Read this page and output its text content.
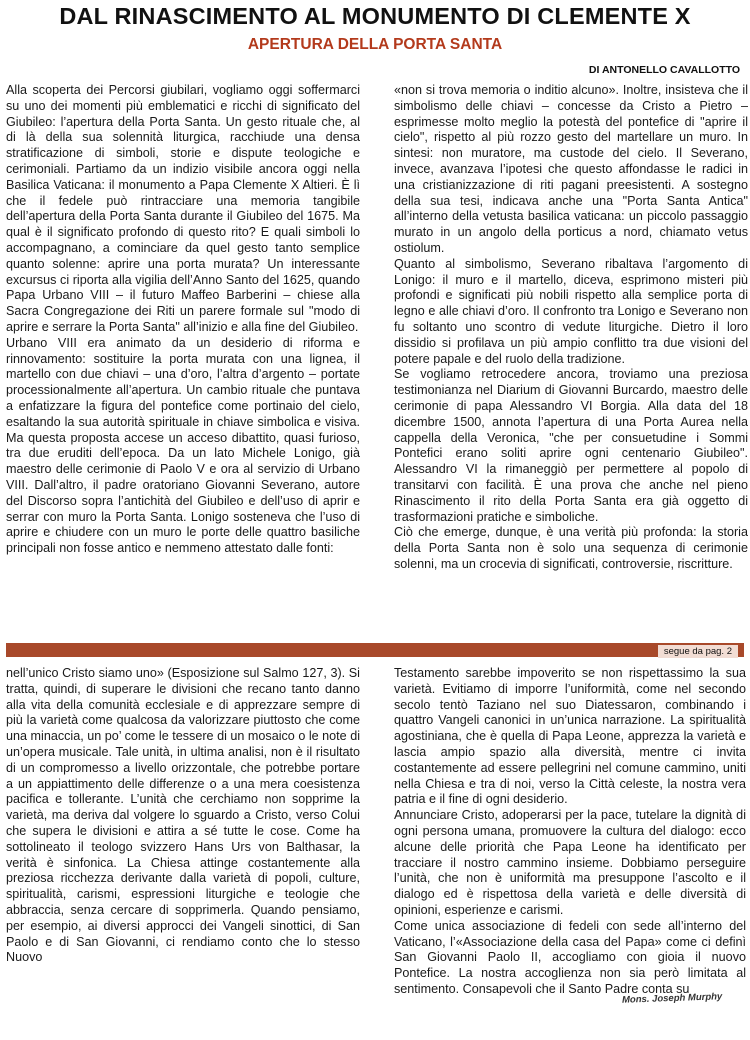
DAL RINASCIMENTO AL MONUMENTO DI CLEMENTE X
APERTURA DELLA PORTA SANTA
DI ANTONELLO CAVALLOTTO

Alla scoperta dei Percorsi giubilari, vogliamo oggi soffermarci su uno dei momenti più emblematici e ricchi di significato del Giubileo: l’apertura della Porta Santa. Un gesto rituale che, al di là della sua solennità liturgica, racchiude una densa stratificazione di simboli, storie e dispute teologiche e cerimoniali. Partiamo da un indizio visibile ancora oggi nella Basilica Vaticana: il monumento a Papa Clemente X Altieri. È lì che il fedele può rintracciare una memoria tangibile dell’apertura della Porta Santa durante il Giubileo del 1675. Ma qual è il significato profondo di questo rito? E quali simboli lo accompagnano, a cominciare da quel gesto tanto semplice quanto solenne: aprire una porta murata? Un interessante excursus ci riporta alla vigilia dell’Anno Santo del 1625, quando Papa Urbano VIII – il futuro Maffeo Barberini – chiese alla Sacra Congregazione dei Riti un parere formale sul "modo di aprire e serrare la Porta Santa" all’inizio e alla fine del Giubileo.

Urbano VIII era animato da un desiderio di riforma e rinnovamento: sostituire la porta murata con una lignea, il martello con due chiavi – una d’oro, l’altra d’argento – portate processionalmente all’apertura. Un cambio rituale che puntava a enfatizzare la figura del pontefice come portinaio del cielo, esaltando la sua autorità spirituale in chiave simbolica e visiva. Ma questa proposta accese un acceso dibattito, quasi furioso, tra due eruditi dell’epoca. Da un lato Michele Lonigo, già maestro delle cerimonie di Paolo V e ora al servizio di Urbano VIII. Dall’altro, il padre oratoriano Giovanni Severano, autore del Discorso sopra l’antichità del Giubileo e dell’uso di aprir e serrar con muro la Porta Santa. Lonigo sosteneva che l’uso di aprire e chiudere con un muro le porte delle quattro basiliche principali non fosse antico e nemmeno attestato dalle fonti:

«non si trova memoria o inditio alcuno». Inoltre, insisteva che il simbolismo delle chiavi – concesse da Cristo a Pietro – esprimesse molto meglio la potestà del pontefice di "aprire il cielo", rispetto al più rozzo gesto del martellare un muro. In sintesi: non muratore, ma custode del cielo. Il Severano, invece, avanzava l’ipotesi che questo affondasse le radici in una cristianizzazione di riti pagani preesistenti. A sostegno della sua tesi, indicava anche una "Porta Santa Antica" all’interno della vetusta basilica vaticana: un piccolo passaggio murato in un angolo della porticus a nord, chiamato vetus ostiolum.

Quanto al simbolismo, Severano ribaltava l’argomento di Lonigo: il muro e il martello, diceva, esprimono misteri più profondi e significati più nobili rispetto alla semplice porta di legno e alle chiavi d’oro. Il confronto tra Lonigo e Severano non fu soltanto uno scontro di vedute liturgiche. Dietro il loro dissidio si profilava un più ampio conflitto tra due visioni del potere papale e del ruolo della tradizione.

Se vogliamo retrocedere ancora, troviamo una preziosa testimonianza nel Diarium di Giovanni Burcardo, maestro delle cerimonie di papa Alessandro VI Borgia. Alla data del 18 dicembre 1500, annota l’apertura di una Porta Aurea nella cappella della Veronica, "che per consuetudine i Sommi Pontefici erano soliti aprire ogni centenario Giubileo". Alessandro VI la rimaneggiò per permettere al popolo di transitarvi con facilità. È una prova che anche nel pieno Rinascimento il rito della Porta Santa era già oggetto di trasformazioni pratiche e simboliche.

Ciò che emerge, dunque, è una verità più profonda: la storia della Porta Santa non è solo una sequenza di cerimonie solenni, ma un crocevia di significati, controversie, riscritture.

segue da pag. 2

nell’unico Cristo siamo uno» (Esposizione sul Salmo 127, 3). Si tratta, quindi, di superare le divisioni che recano tanto danno alla vita della comunità ecclesiale e di apprezzare sempre di più la varietà come qualcosa da valorizzare piuttosto che come una minaccia, un po’ come le tessere di un mosaico o le note di un’opera musicale. Tale unità, in ultima analisi, non è il risultato di un compromesso a livello orizzontale, che potrebbe portare a un appiattimento delle differenze o a una mera coesistenza pacifica e tollerante. L’unità che cerchiamo non sopprime la varietà, ma deriva dal volgere lo sguardo a Cristo, verso Colui che supera le divisioni e attira a sé tutte le cose. Come ha sottolineato il teologo svizzero Hans Urs von Balthasar, la verità è sinfonica. La Chiesa attinge costantemente alla preziosa ricchezza derivante dalla varietà di popoli, culture, spiritualità, carismi, espressioni liturgiche e teologie che abbraccia, senza cercare di sopprimerla. Quando pensiamo, per esempio, ai diversi approcci dei Vangeli sinottici, di San Paolo e di San Giovanni, ci rendiamo conto che lo stesso Nuovo

Testamento sarebbe impoverito se non rispettassimo la sua varietà. Evitiamo di imporre l’uniformità, come nel secondo secolo tentò Taziano nel suo Diatessaron, combinando i quattro Vangeli canonici in un’unica narrazione. La spiritualità agostiniana, che è quella di Papa Leone, apprezza la varietà e lascia ampio spazio alla diversità, mentre ci invita costantemente ad essere pellegrini nel comune cammino, uniti nella Chiesa e tra di noi, verso la Città celeste, la nostra vera patria e il fine di ogni desiderio.

Annunciare Cristo, adoperarsi per la pace, tutelare la dignità di ogni persona umana, promuovere la cultura del dialogo: ecco alcune delle priorità che Papa Leone ha identificato per tracciare il nostro cammino insieme. Dobbiamo perseguire l’unità, che non è uniformità ma presuppone l’ascolto e il dialogo ed è rispettosa della varietà e delle diversità di opinioni, esperienze e carismi.

Come unica associazione di fedeli con sede all’interno del Vaticano, l’«Associazione della casa del Papa» come ci definì San Giovanni Paolo II, accogliamo con gioia il nuovo Pontefice. La nostra accoglienza non sia però limitata al sentimento. Consapevoli che il Santo Padre conta su

Mons. Joseph Murphy
